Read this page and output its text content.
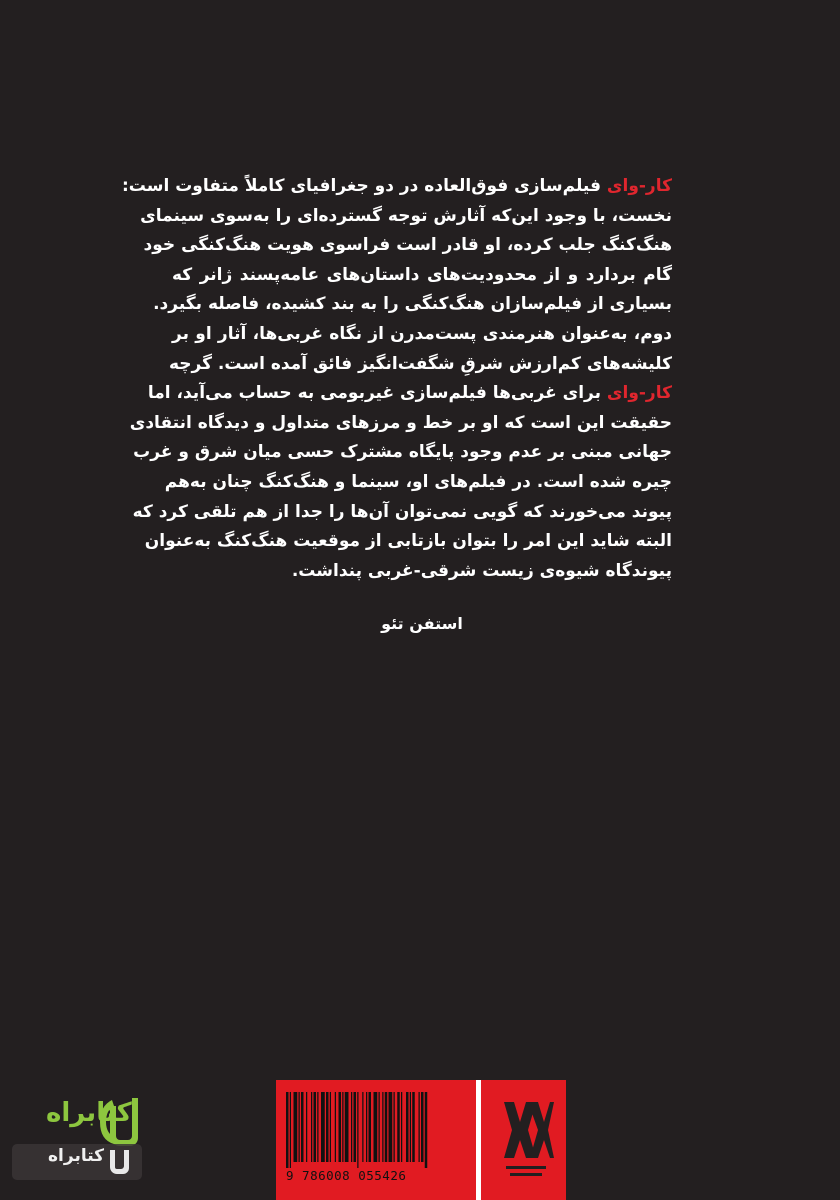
کار-وای فیلم‌سازی فوق‌العاده در دو جغرافیای کاملاً متفاوت است:
نخست، با وجود این‌که آثارش توجه گسترده‌ای را به‌سوی سینمای
هنگ‌کنگ جلب کرده، او قادر است فراسوی هویت هنگ‌کنگی خود
گام بردارد و از محدودیت‌های داستان‌های عامه‌پسند ژانر که
بسیاری از فیلم‌سازان هنگ‌کنگی را به بند کشیده، فاصله بگیرد.
دوم، به‌عنوان هنرمندی پست‌مدرن از نگاه غربی‌ها، آثار او بر
کلیشه‌های کم‌ارزش شرقِ شگفت‌انگیز فائق آمده است. گرچه
کار-وای برای غربی‌ها فیلم‌سازی غیربومی به حساب می‌آید، اما
حقیقت این است که او بر خط و مرزهای متداول و دیدگاه انتقادی
جهانی مبنی بر عدم وجود پایگاه مشترک حسی میان شرق و غرب
چیره شده است. در فیلم‌های او، سینما و هنگ‌کنگ چنان به‌هم
پیوند می‌خورند که گویی نمی‌توان آن‌ها را جدا از هم تلقی کرد که
البته شاید این امر را بتوان بازتابی از موقعیت هنگ‌کنگ به‌عنوان
پیوندگاه شیوه‌ی زیست شرقی-غربی پنداشت.
استفن تئو
9 786008 055426
کتابراه
کتابراه
